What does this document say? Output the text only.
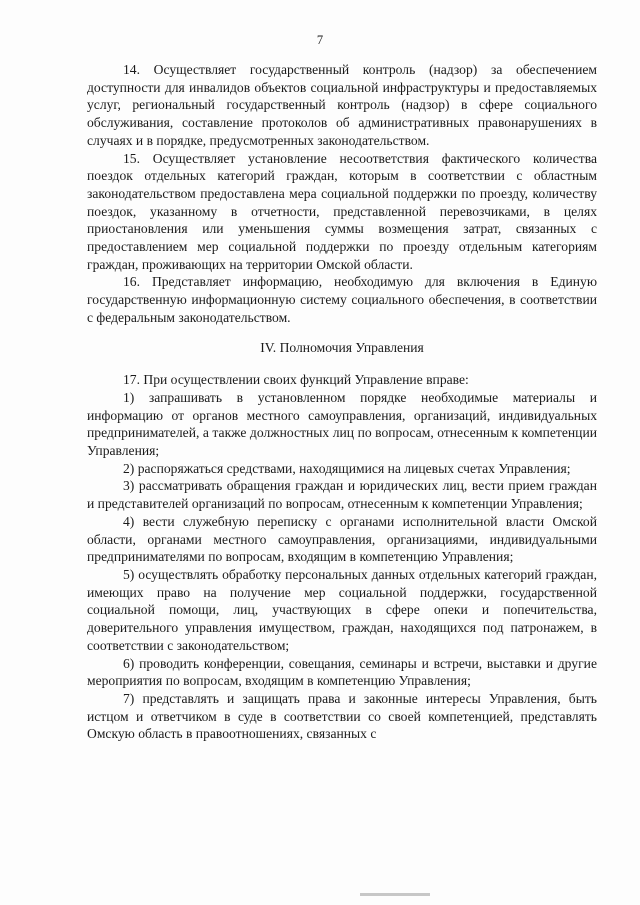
7

14. Осуществляет государственный контроль (надзор) за обеспечением доступности для инвалидов объектов социальной инфраструктуры и предоставляемых услуг, региональный государственный контроль (надзор) в сфере социального обслуживания, составление протоколов об административных правонарушениях в случаях и в порядке, предусмотренных законодательством.

15. Осуществляет установление несоответствия фактического количества поездок отдельных категорий граждан, которым в соответствии с областным законодательством предоставлена мера социальной поддержки по проезду, количеству поездок, указанному в отчетности, представленной перевозчиками, в целях приостановления или уменьшения суммы возмещения затрат, связанных с предоставлением мер социальной поддержки по проезду отдельным категориям граждан, проживающих на территории Омской области.

16. Представляет информацию, необходимую для включения в Единую государственную информационную систему социального обеспечения, в соответствии с федеральным законодательством.

IV. Полномочия Управления

17. При осуществлении своих функций Управление вправе:

1) запрашивать в установленном порядке необходимые материалы и информацию от органов местного самоуправления, организаций, индивидуальных предпринимателей, а также должностных лиц по вопросам, отнесенным к компетенции Управления;

2) распоряжаться средствами, находящимися на лицевых счетах Управления;

3) рассматривать обращения граждан и юридических лиц, вести прием граждан и представителей организаций по вопросам, отнесенным к компетенции Управления;

4) вести служебную переписку с органами исполнительной власти Омской области, органами местного самоуправления, организациями, индивидуальными предпринимателями по вопросам, входящим в компетенцию Управления;

5) осуществлять обработку персональных данных отдельных категорий граждан, имеющих право на получение мер социальной поддержки, государственной социальной помощи, лиц, участвующих в сфере опеки и попечительства, доверительного управления имуществом, граждан, находящихся под патронажем, в соответствии с законодательством;

6) проводить конференции, совещания, семинары и встречи, выставки и другие мероприятия по вопросам, входящим в компетенцию Управления;

7) представлять и защищать права и законные интересы Управления, быть истцом и ответчиком в суде в соответствии со своей компетенцией, представлять Омскую область в правоотношениях, связанных с
